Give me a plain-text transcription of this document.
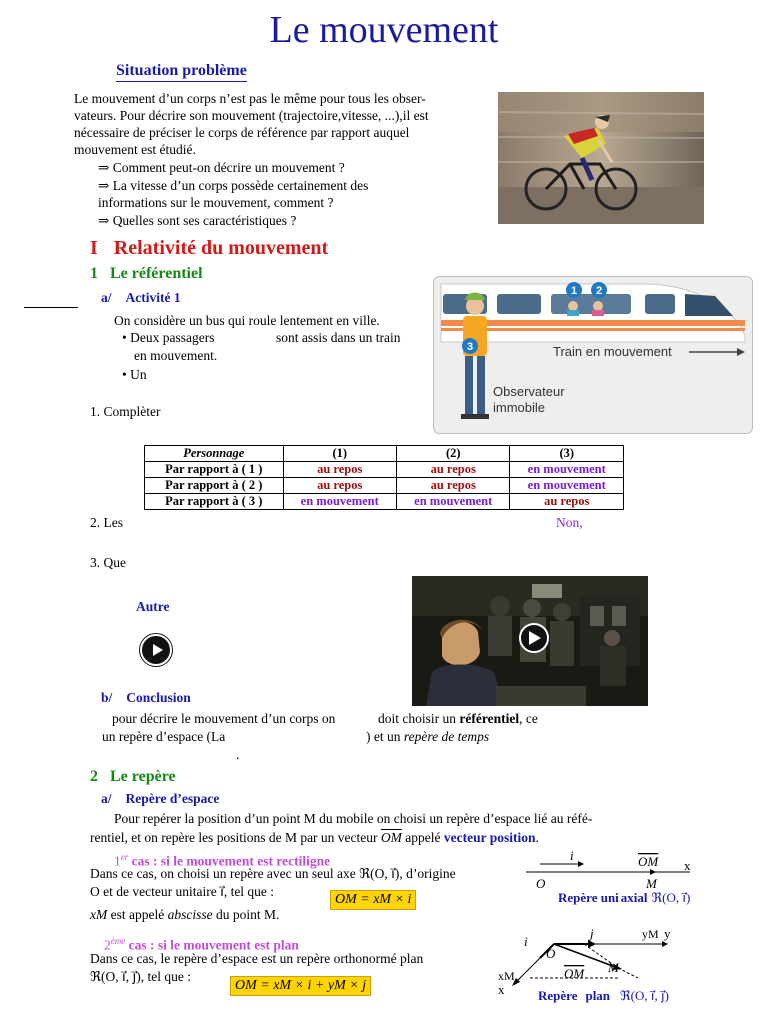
Le mouvement
Situation problème
Le mouvement d’un corps n’est pas le même pour tous les obser-
vateurs. Pour décrire son mouvement (trajectoire,vitesse, ...),il est
nécessaire de préciser le corps de référence par rapport auquel
mouvement est étudié.
⇒ Comment peut-on décrire un mouvement ?
⇒ La vitesse d’un corps possède certainement des
informations sur le mouvement, comment ?
⇒ Quelles sont ses caractéristiques ?
I Relativité du mouvement
1 Le référentiel
a/ Activité 1
On considère un bus qui roule lentement en ville.
• Deux passagers	sont assis dans un train
en mouvement.
• Un
1. Complèter
1 2
Train en mouvement
3
Observateur
immobile
Personnage	(1)	(2)	(3)
Par rapport à ( 1 )	au repos	au repos	en mouvement
Par rapport à ( 2 )	au repos	au repos	en mouvement
Par rapport à ( 3 )	en mouvement	en mouvement	au repos
2. Les	Non,
3. Que
Autre
b/ Conclusion
pour décrire le mouvement d’un corps on	doit choisir un référentiel, ce
un repère d’espace (La	) et un repère de temps
.
2 Le repère
a/ Repère d’espace
Pour repérer la position d’un point M du mobile on choisi un repère d’espace lié au réfé-
rentiel, et on repère les positions de M par un vecteur $\overline{OM}$ appelé vecteur position.
1er cas : si le mouvement est rectiligne
Dans ce cas, on choisi un repère avec un seul axe ℜ(O, i⃗), d’origine
O et de vecteur unitaire i⃗, tel que :
OM = xM × i
xM est appelé abscisse du point M.
2ème cas : si le mouvement est plan
Dans ce cas, le repère d’espace est un repère orthonormé plan
ℜ(O, i⃗, j⃗), tel que :
OM = xM × i + yM × j
i	OM x
O	M
Repère uni axial ℜ(O, i⃗)
i
j	yM y
O
OM M
xM
x	Repère plan ℜ(O, i⃗, j⃗)
